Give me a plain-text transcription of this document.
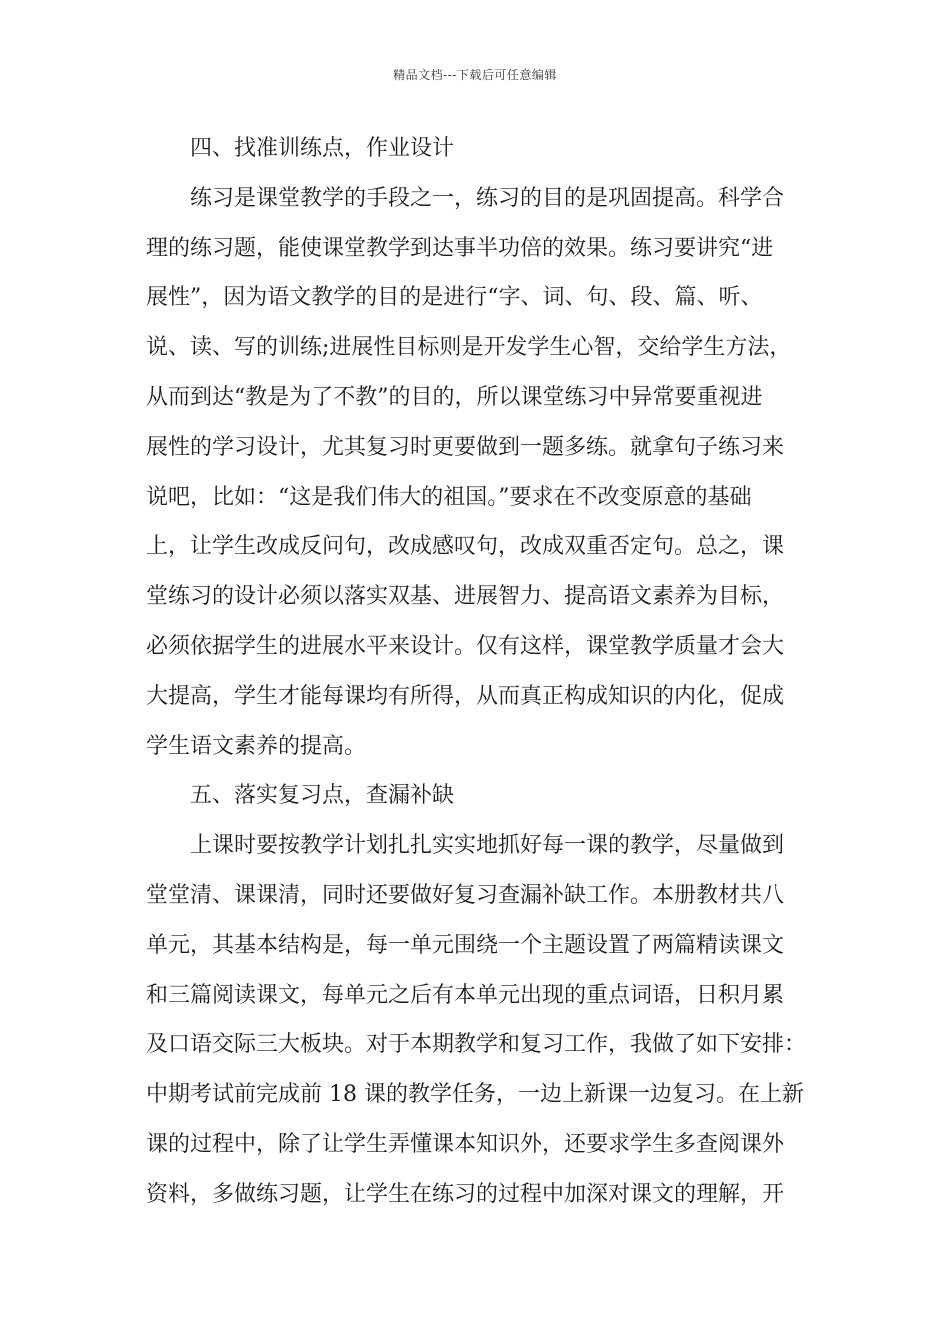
精品文档---下载后可任意编辑
四、找准训练点，作业设计
练习是课堂教学的手段之一，练习的目的是巩固提高。科学合
理的练习题，能使课堂教学到达事半功倍的效果。练习要讲究“进
展性”，因为语文教学的目的是进行“字、词、句、段、篇、听、
说、读、写的训练;进展性目标则是开发学生心智，交给学生方法，
从而到达“教是为了不教”的目的，所以课堂练习中异常要重视进
展性的学习设计，尤其复习时更要做到一题多练。就拿句子练习来
说吧，比如：“这是我们伟大的祖国。”要求在不改变原意的基础
上，让学生改成反问句，改成感叹句，改成双重否定句。总之，课
堂练习的设计必须以落实双基、进展智力、提高语文素养为目标，
必须依据学生的进展水平来设计。仅有这样，课堂教学质量才会大
大提高，学生才能每课均有所得，从而真正构成知识的内化，促成
学生语文素养的提高。
五、落实复习点，查漏补缺
上课时要按教学计划扎扎实实地抓好每一课的教学，尽量做到
堂堂清、课课清，同时还要做好复习查漏补缺工作。本册教材共八
单元，其基本结构是，每一单元围绕一个主题设置了两篇精读课文
和三篇阅读课文，每单元之后有本单元出现的重点词语，日积月累
及口语交际三大板块。对于本期教学和复习工作，我做了如下安排：
中期考试前完成前 18 课的教学任务，一边上新课一边复习。在上新
课的过程中，除了让学生弄懂课本知识外，还要求学生多查阅课外
资料，多做练习题，让学生在练习的过程中加深对课文的理解，开
